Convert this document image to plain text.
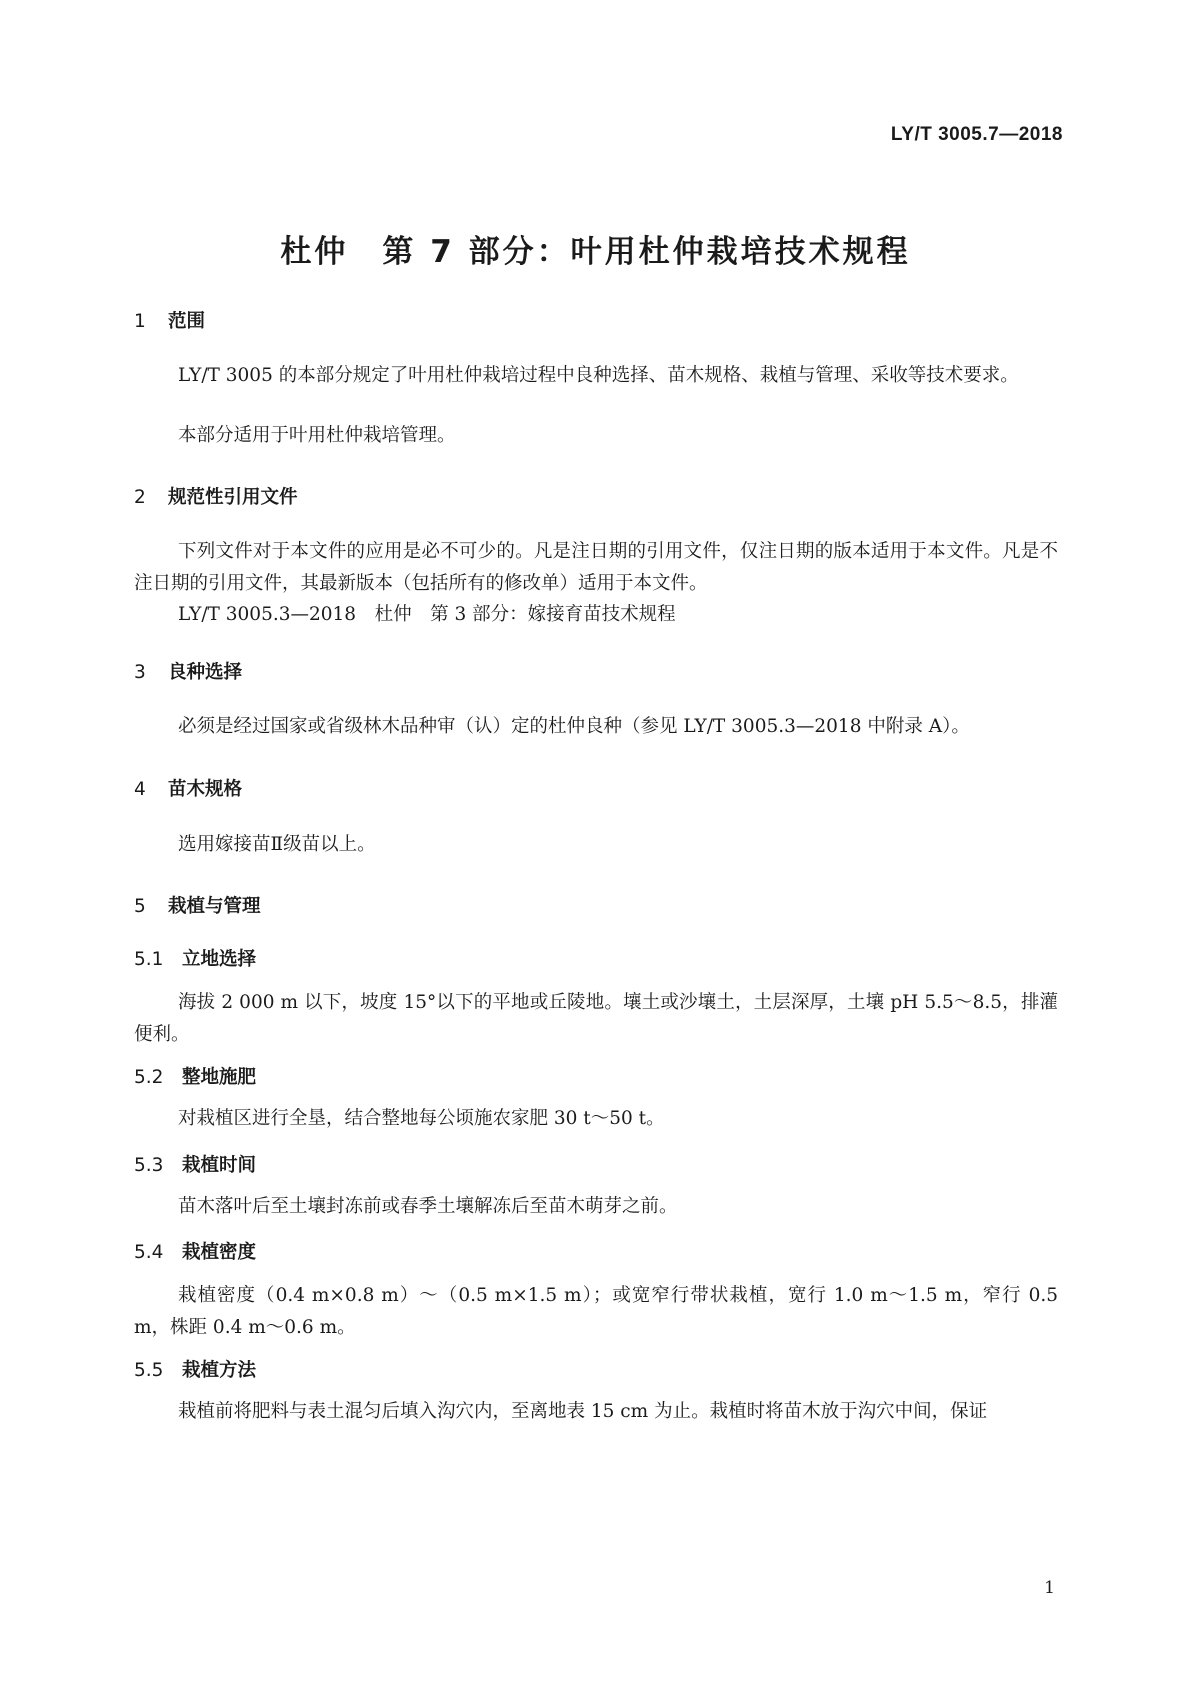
LY/T 3005.7—2018
杜仲　第 7 部分：叶用杜仲栽培技术规程
1 范围
LY/T 3005 的本部分规定了叶用杜仲栽培过程中良种选择、苗木规格、栽植与管理、采收等技术要求。
本部分适用于叶用杜仲栽培管理。
2 规范性引用文件
下列文件对于本文件的应用是必不可少的。凡是注日期的引用文件，仅注日期的版本适用于本文件。凡是不注日期的引用文件，其最新版本（包括所有的修改单）适用于本文件。
LY/T 3005.3—2018　杜仲　第 3 部分：嫁接育苗技术规程
3 良种选择
必须是经过国家或省级林木品种审（认）定的杜仲良种（参见 LY/T 3005.3—2018 中附录 A）。
4 苗木规格
选用嫁接苗Ⅱ级苗以上。
5 栽植与管理
5.1 立地选择
海拔 2 000 m 以下，坡度 15°以下的平地或丘陵地。壤土或沙壤土，土层深厚，土壤 pH 5.5～8.5，排灌便利。
5.2 整地施肥
对栽植区进行全垦，结合整地每公顷施农家肥 30 t～50 t。
5.3 栽植时间
苗木落叶后至土壤封冻前或春季土壤解冻后至苗木萌芽之前。
5.4 栽植密度
栽植密度（0.4 m×0.8 m）～（0.5 m×1.5 m）；或宽窄行带状栽植，宽行 1.0 m～1.5 m，窄行 0.5 m，株距 0.4 m～0.6 m。
5.5 栽植方法
栽植前将肥料与表土混匀后填入沟穴内，至离地表 15 cm 为止。栽植时将苗木放于沟穴中间，保证
1
